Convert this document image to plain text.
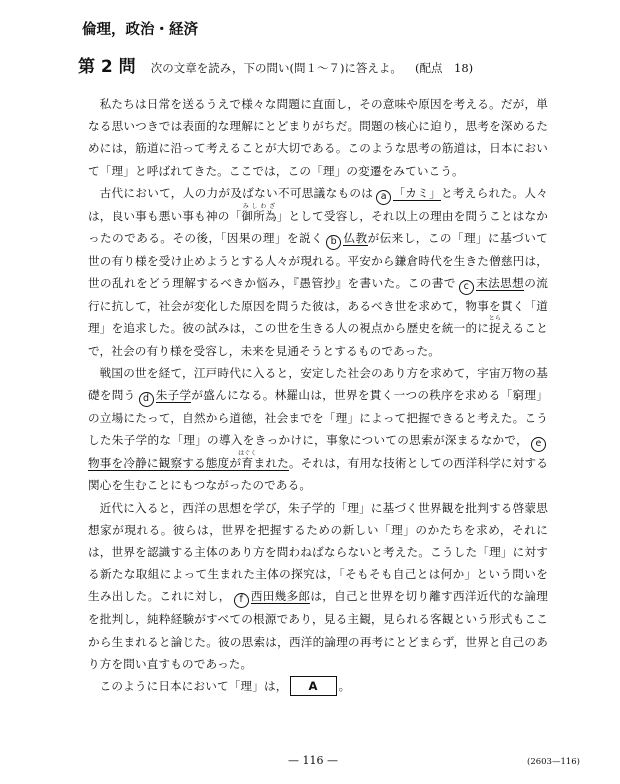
倫理，政治・経済
第 2 問 次の文章を読み，下の問い(問１～７)に答えよ。 (配点　18)

私たちは日常を送るうえで様々な問題に直面し，その意味や原因を考える。だが，単なる思いつきでは表面的な理解にとどまりがちだ。問題の核心に迫り，思考を深めるためには，筋道に沿って考えることが大切である。このような思考の筋道は，日本において「理」と呼ばれてきた。ここでは，この「理」の変遷をみていこう。

古代において，人の力が及ばない不可思議なものは a 「カミ」と考えられた。人々は，良い事も悪い事も神の「御所為みしわざ」として受容し，それ以上の理由を問うことはなかったのである。その後，「因果の理」を説く b 仏教が伝来し，この「理」に基づいて世の有り様を受け止めようとする人々が現れる。平安から鎌倉時代を生きた僧慈円は，世の乱れをどう理解するべきか悩み，『愚管抄』を書いた。この書で c 末法思想の流行に抗して，社会が変化した原因を問うた彼は，あるべき世を求めて，物事を貫く「道理」を追求した。彼の試みは，この世を生きる人の視点から歴史を統一的に捉とらえることで，社会の有り様を受容し，未来を見通そうとするものであった。

戦国の世を経て，江戸時代に入ると，安定した社会のあり方を求めて，宇宙万物の基礎を問う d 朱子学が盛んになる。林羅山は，世界を貫く一つの秩序を求める「窮理」の立場にたって，自然から道徳，社会までを「理」によって把握できると考えた。こうした朱子学的な「理」の導入をきっかけに，事象についての思索が深まるなかで， e物事を冷静に観察する態度が育はぐくまれた。それは，有用な技術としての西洋科学に対する関心を生むことにもつながったのである。

近代に入ると，西洋の思想を学び，朱子学的「理」に基づく世界観を批判する啓蒙思想家が現れる。彼らは，世界を把握するための新しい「理」のかたちを求め，それには，世界を認識する主体のあり方を問わねばならないと考えた。こうした「理」に対する新たな取組によって生まれた主体の探究は，「そもそも自己とは何か」という問いを生み出した。これに対し， f 西田幾多郎は，自己と世界を切り離す西洋近代的な論理を批判し，純粋経験がすべての根源であり，見る主観，見られる客観という形式もここから生まれると論じた。彼の思索は，西洋的論理の再考にとどまらず，世界と自己のあり方を問い直すものであった。

このように日本において「理」は， A 。

— 116 —	(2603—116)
